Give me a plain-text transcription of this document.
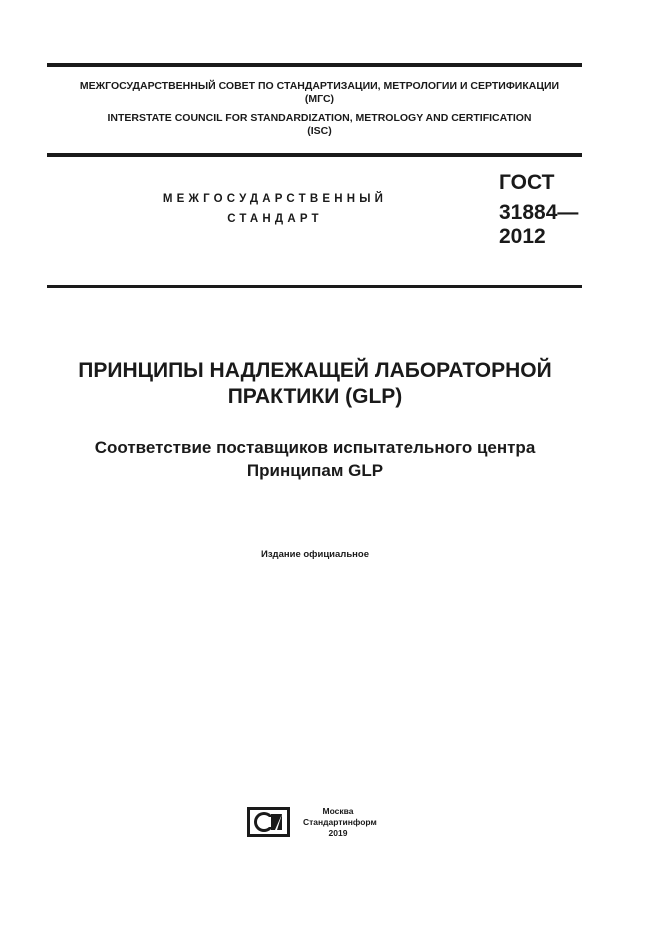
МЕЖГОСУДАРСТВЕННЫЙ СОВЕТ ПО СТАНДАРТИЗАЦИИ, МЕТРОЛОГИИ И СЕРТИФИКАЦИИ
(МГС)
INTERSTATE COUNCIL FOR STANDARDIZATION, METROLOGY AND CERTIFICATION
(ISC)
МЕЖГОСУДАРСТВЕННЫЙ
СТАНДАРТ
ГОСТ
31884—
2012
ПРИНЦИПЫ НАДЛЕЖАЩЕЙ ЛАБОРАТОРНОЙ
ПРАКТИКИ (GLP)
Соответствие поставщиков испытательного центра
Принципам GLP
Издание официальное
Москва
Стандартинформ
2019
